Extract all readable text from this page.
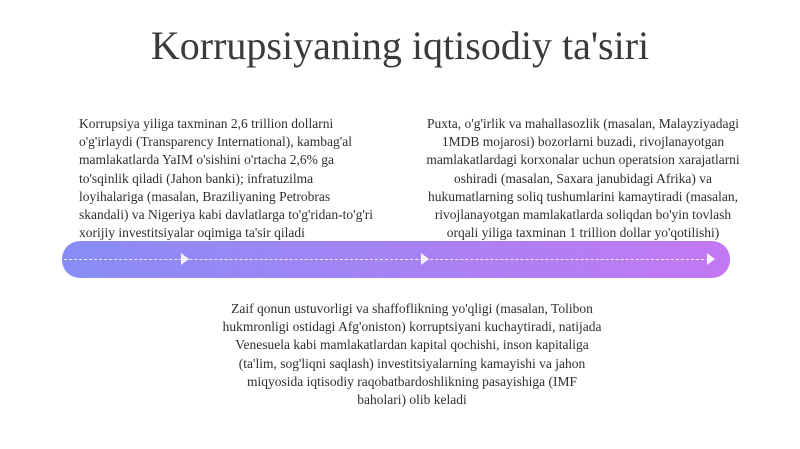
Korrupsiyaning iqtisodiy ta'siri
Korrupsiya yiliga taxminan 2,6 trillion dollarni o'g'irlaydi (Transparency International), kambag'al mamlakatlarda YaIM o'sishini o'rtacha 2,6% ga to'sqinlik qiladi (Jahon banki); infratuzilma loyihalariga (masalan, Braziliyaning Petrobras skandali) va Nigeriya kabi davlatlarga to'g'ridan-to'g'ri xorijiy investitsiyalar oqimiga ta'sir qiladi
Puxta, o'g'irlik va mahallasozlik (masalan, Malayziyadagi 1MDB mojarosi) bozorlarni buzadi, rivojlanayotgan mamlakatlardagi korxonalar uchun operatsion xarajatlarni oshiradi (masalan, Saxara janubidagi Afrika) va hukumatlarning soliq tushumlarini kamaytiradi (masalan, rivojlanayotgan mamlakatlarda soliqdan bo'yin tovlash orqali yiliga taxminan 1 trillion dollar yo'qotilishi)
Zaif qonun ustuvorligi va shaffoflikning yo'qligi (masalan, Tolibon hukmronligi ostidagi Afg'oniston) korruptsiyani kuchaytiradi, natijada Venesuela kabi mamlakatlardan kapital qochishi, inson kapitaliga (ta'lim, sog'liqni saqlash) investitsiyalarning kamayishi va jahon miqyosida iqtisodiy raqobatbardoshlikning pasayishiga (IMF baholari) olib keladi
